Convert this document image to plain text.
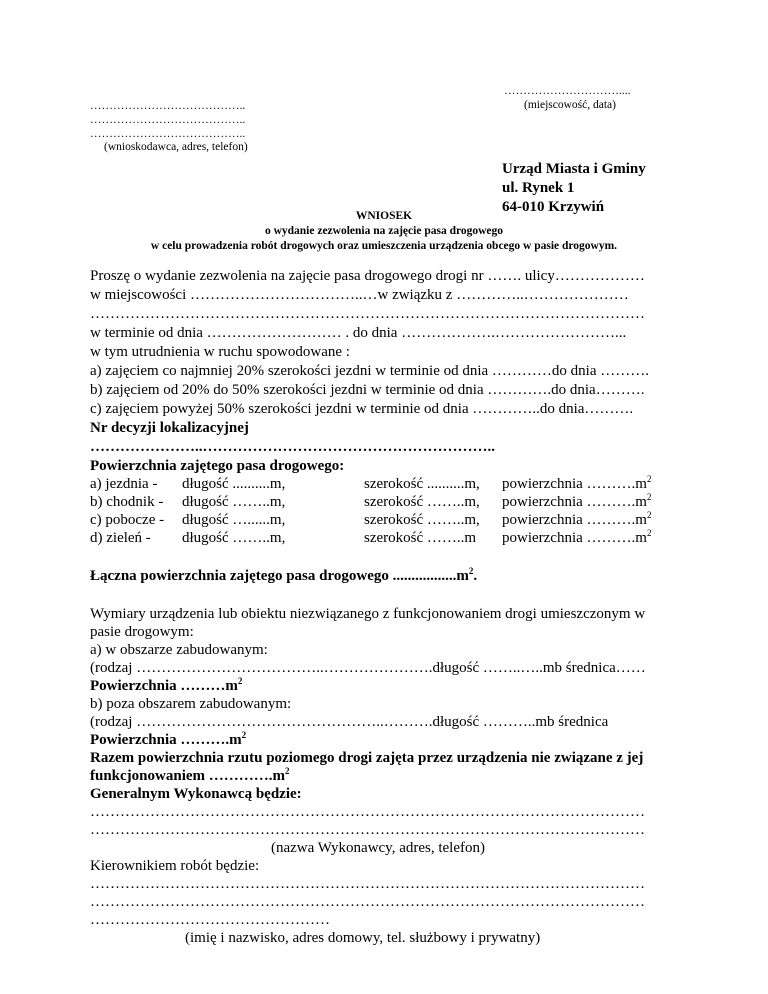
…………………………....
(miejscowość, data)
…………………………………..
…………………………………..
…………………………………..
(wnioskodawca, adres, telefon)
Urząd Miasta i Gminy
ul. Rynek 1
64-010 Krzywiń
WNIOSEK
o wydanie zezwolenia na zajęcie pasa drogowego
w celu prowadzenia robót drogowych oraz umieszczenia urządzenia obcego w pasie drogowym.
Proszę o wydanie zezwolenia na zajęcie pasa drogowego drogi nr ……. ulicy………………
w miejscowości ……………………………..…w związku z …………..…………………
…………………………………………………………………………………………………
w terminie od dnia ……………………… . do dnia ……………….……………………...
w tym utrudnienia w ruchu spowodowane :
a) zajęciem co najmniej 20% szerokości jezdni w terminie od dnia …………do dnia ……….
b) zajęciem od 20% do 50% szerokości jezdni w terminie od dnia ………….do dnia……….
c) zajęciem powyżej 50% szerokości jezdni w terminie od dnia …………..do dnia……….
Nr decyzji lokalizacyjnej
…………………..…………………………………………………..
Powierzchnia zajętego pasa drogowego:
a) jezdnia - długość ..........m,	szerokość ..........m, powierzchnia $\dots\dots\dots.m^2$
b) chodnik - długość ……..m,	szerokość ……..m, powierzchnia $\dots\dots\dots.m^2$
c) pobocze - długość …......m,	szerokość ……..m, powierzchnia $\dots\dots\dots.m^2$
d) zieleń - długość ……..m,	szerokość ……..m powierzchnia $\dots\dots\dots.m^2$
Łączna powierzchnia zajętego pasa drogowego $.................m^2$.
Wymiary urządzenia lub obiektu niezwiązanego z funkcjonowaniem drogi umieszczonym w
pasie drogowym:
a) w obszarze zabudowanym:
(rodzaj ………………………………..………………….długość ……..…..mb średnica……
Powierzchnia $\dots\dots\dots m^2$
b) poza obszarem zabudowanym:
(rodzaj …………………………………………..……….długość ………..mb średnica
Powierzchnia $\dots\dots\dots.m^2$
Razem powierzchnia rzutu poziomego drogi zajęta przez urządzenia nie związane z jej
funkcjonowaniem $\dots\dots\dots\dots.m^2$
Generalnym Wykonawcą będzie:
…………………………………………………………………………………………………
…………………………………………………………………………………………………
(nazwa Wykonawcy, adres, telefon)
Kierownikiem robót będzie:
…………………………………………………………………………………………………
…………………………………………………………………………………………………
…………………………………………
(imię i nazwisko, adres domowy, tel. służbowy i prywatny)
